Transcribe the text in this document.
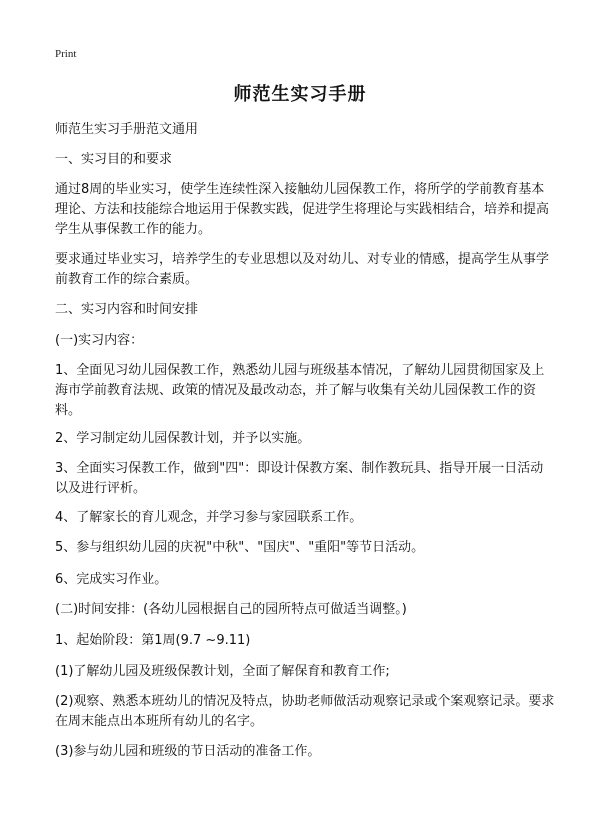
Print
师范生实习手册

师范生实习手册范文通用

一、实习目的和要求

通过8周的毕业实习，使学生连续性深入接触幼儿园保教工作，将所学的学前教育基本理论、方法和技能综合地运用于保教实践，促进学生将理论与实践相结合，培养和提高学生从事保教工作的能力。

要求通过毕业实习，培养学生的专业思想以及对幼儿、对专业的情感，提高学生从事学前教育工作的综合素质。

二、实习内容和时间安排

(一)实习内容：

1、全面见习幼儿园保教工作，熟悉幼儿园与班级基本情况，了解幼儿园贯彻国家及上海市学前教育法规、政策的情况及最改动态，并了解与收集有关幼儿园保教工作的资料。

2、学习制定幼儿园保教计划，并予以实施。

3、全面实习保教工作，做到"四"：即设计保教方案、制作教玩具、指导开展一日活动以及进行评析。

4、了解家长的育儿观念，并学习参与家园联系工作。

5、参与组织幼儿园的庆祝"中秋"、"国庆"、"重阳"等节日活动。

6、完成实习作业。

(二)时间安排：(各幼儿园根据自己的园所特点可做适当调整。)

1、起始阶段：第1周(9.7 ~9.11)

(1)了解幼儿园及班级保教计划，全面了解保育和教育工作;

(2)观察、熟悉本班幼儿的情况及特点，协助老师做活动观察记录或个案观察记录。要求在周末能点出本班所有幼儿的名字。

(3)参与幼儿园和班级的节日活动的准备工作。
